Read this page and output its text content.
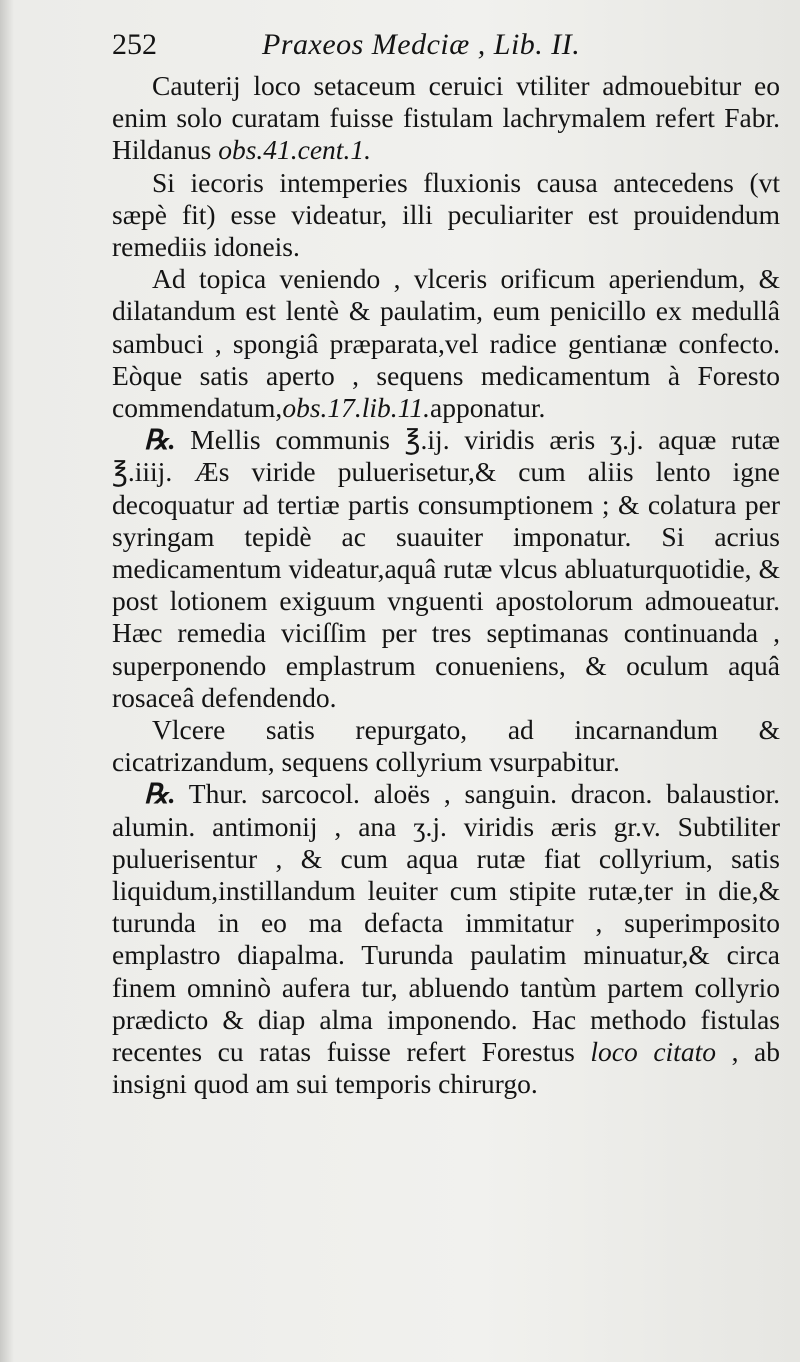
252	Praxeos Medciæ , Lib. II.

Cauterij loco setaceum ceruici vtiliter admouebitur eo enim solo curatam fuisse fistulam lachrymalem refert Fabr. Hildanus obs.41.cent.1.

Si iecoris intemperies fluxionis causa antecedens (vt sæpè fit) esse videatur, illi peculiariter est prouidendum remediis idoneis.

Ad topica veniendo , vlceris orificum aperiendum, & dilatandum est lentè & paulatim, eum penicillo ex medullâ sambuci , spongiâ præparata,vel radice gentianæ confecto. Eòque satis aperto , sequens medicamentum à Foresto commendatum,obs.17.lib.11.apponatur.

℞. Mellis communis ℥.ij. viridis æris ʒ.j. aquæ rutæ ℥.iiij. Æs viride puluerisetur,& cum aliis lento igne decoquatur ad tertiæ partis consumptionem ; & colatura per syringam tepidè ac suauiter imponatur. Si acrius medicamentum videatur,aquâ rutæ vlcus abluaturquotidie, & post lotionem exiguum vnguenti apostolorum admoueatur. Hæc remedia viciſſim per tres septimanas continuanda , superponendo emplastrum conueniens, & oculum aquâ rosaceâ defendendo.

Vlcere satis repurgato, ad incarnandum & cicatrizandum, sequens collyrium vsurpabitur.

℞. Thur. sarcocol. aloës , sanguin. dracon. balaustior. alumin. antimonij , ana ʒ.j. viridis æris gr.v. Subtiliter puluerisentur , & cum aqua rutæ fiat collyrium, satis liquidum,instillandum leuiter cum stipite rutæ,ter in die,& turunda in eo ma defacta immitatur , superimposito emplastro diapalma. Turunda paulatim minuatur,& circa finem omninò aufera tur, abluendo tantùm partem collyrio prædicto & diap alma imponendo. Hac methodo fistulas recentes cu ratas fuisse refert Forestus loco citato , ab insigni quod am sui temporis chirurgo.
